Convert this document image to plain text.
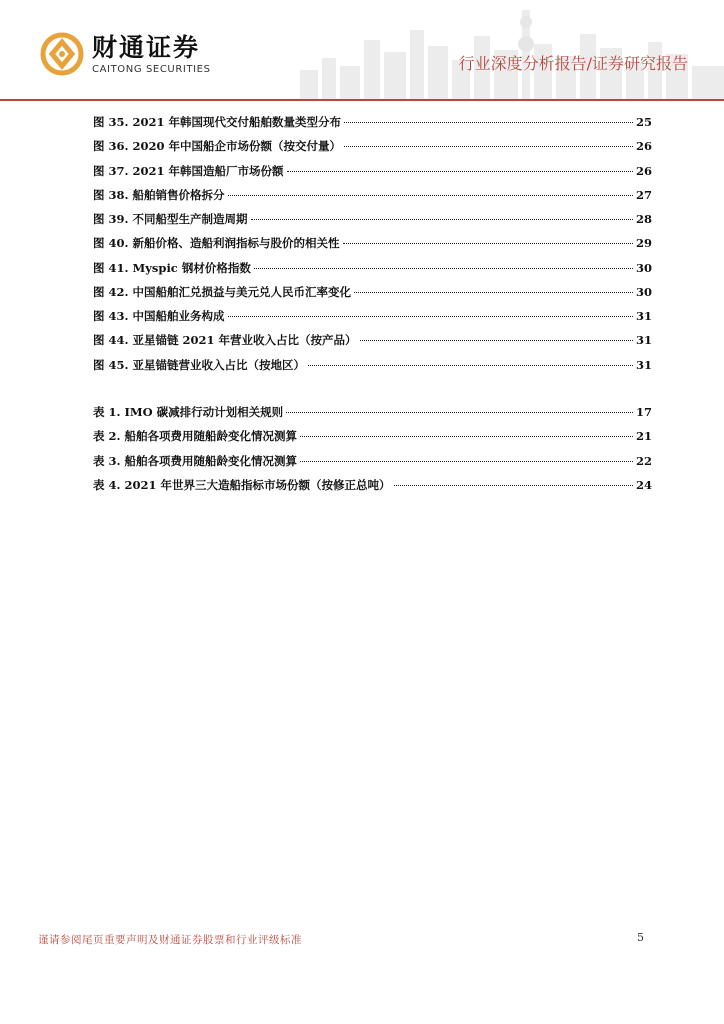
财通证券
CAITONG SECURITIES	行业深度分析报告/证券研究报告
图 35. 2021 年韩国现代交付船舶数量类型分布	25
图 36. 2020 年中国船企市场份额（按交付量）	26
图 37. 2021 年韩国造船厂市场份额	26
图 38. 船舶销售价格拆分	27
图 39. 不同船型生产制造周期	28
图 40. 新船价格、造船利润指标与股价的相关性	29
图 41. Myspic 钢材价格指数	30
图 42. 中国船舶汇兑损益与美元兑人民币汇率变化	30
图 43. 中国船舶业务构成	31
图 44. 亚星锚链 2021 年营业收入占比（按产品）	31
图 45. 亚星锚链营业收入占比（按地区）	31
表 1. IMO 碳减排行动计划相关规则	17
表 2. 船舶各项费用随船龄变化情况测算	21
表 3. 船舶各项费用随船龄变化情况测算	22
表 4. 2021 年世界三大造船指标市场份额（按修正总吨）	24
谨请参阅尾页重要声明及财通证券股票和行业评级标准	5
